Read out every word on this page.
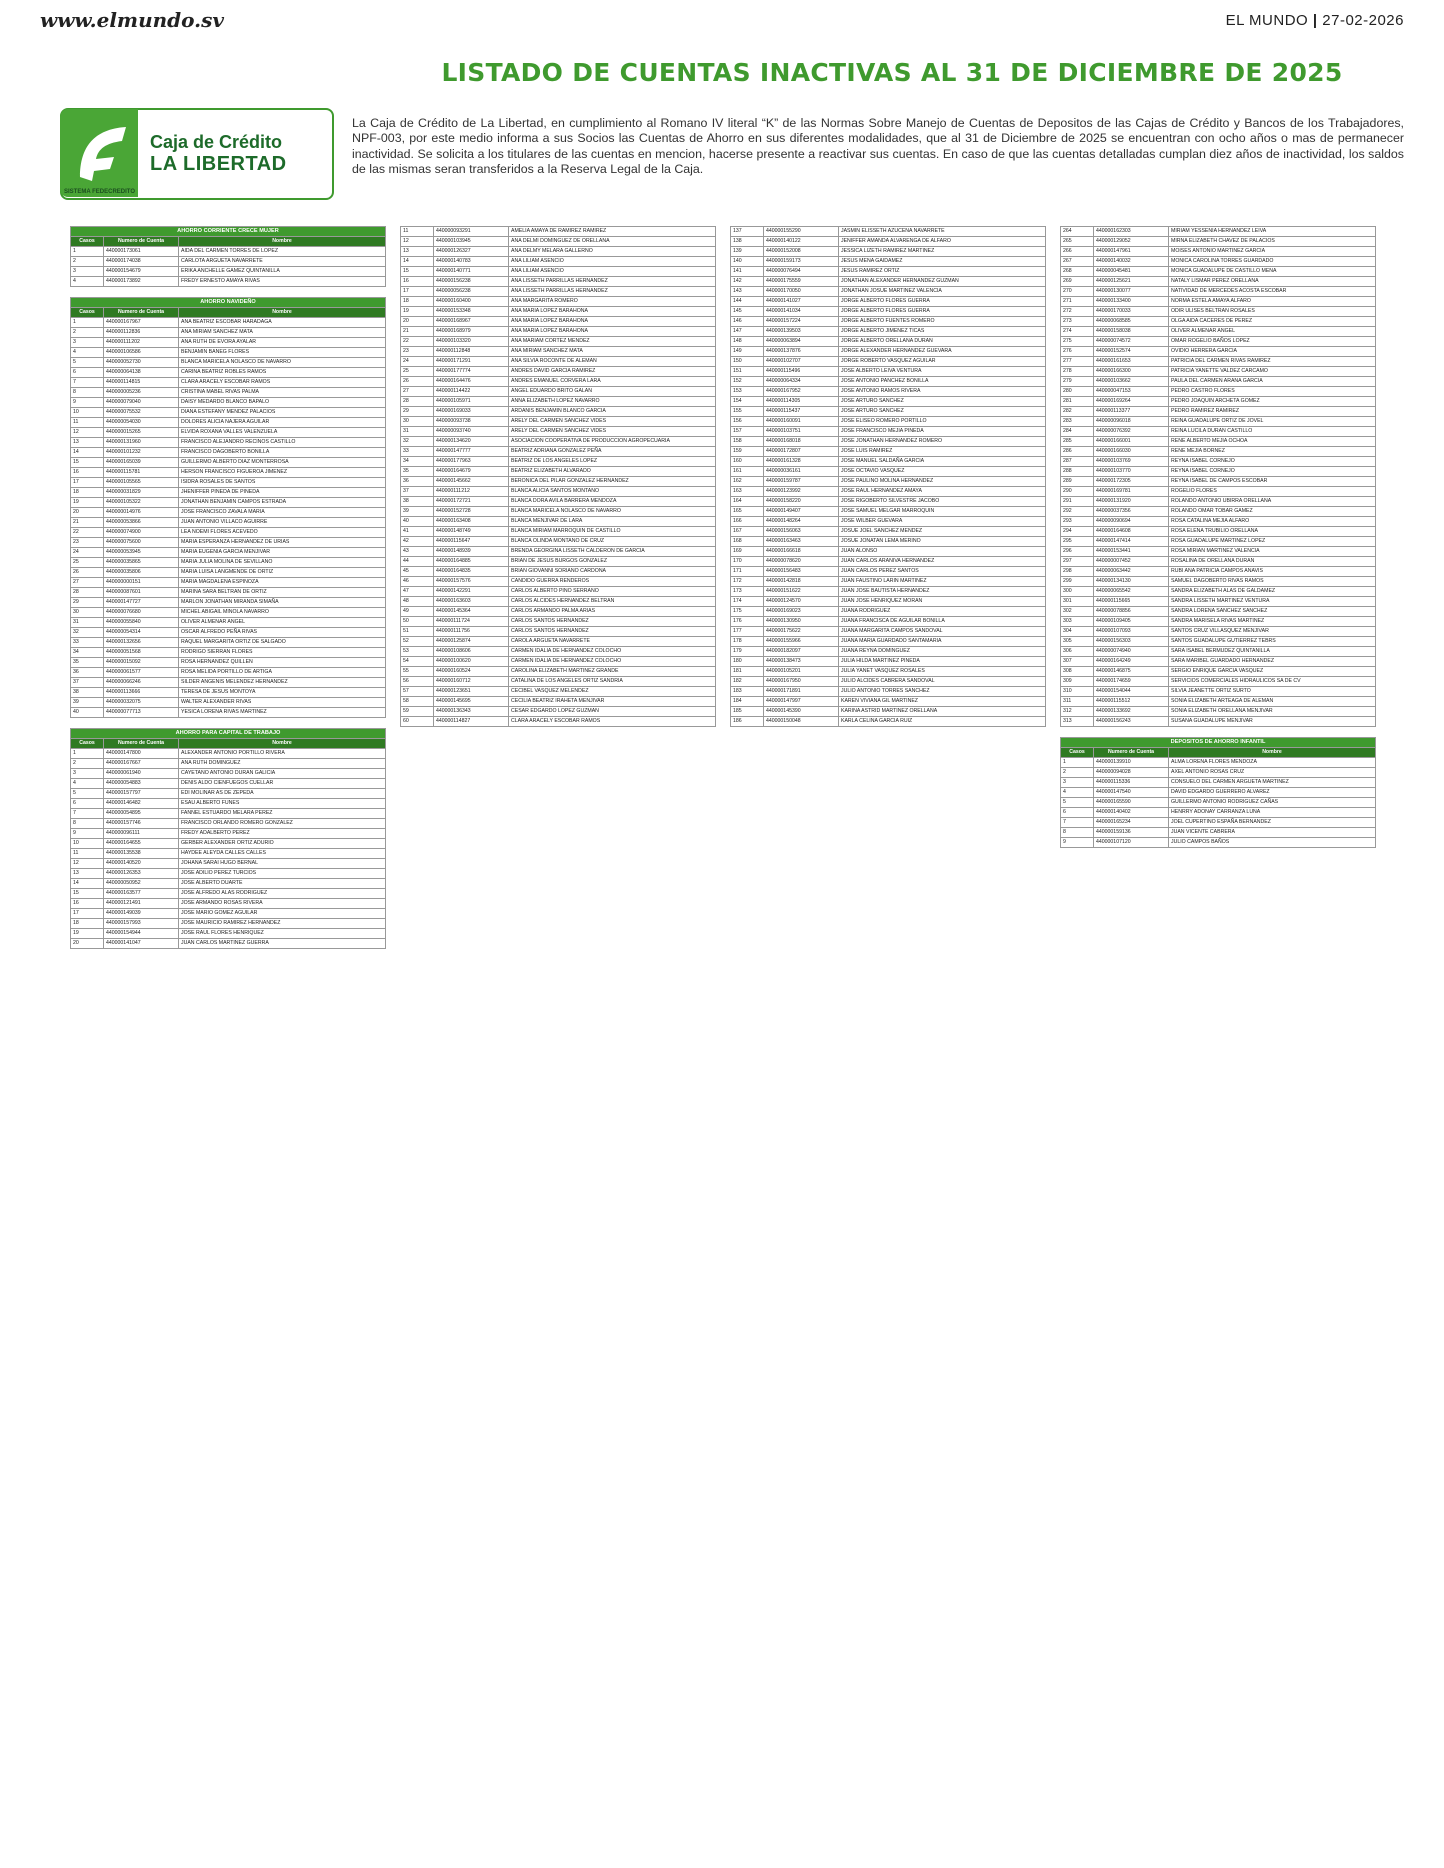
www.elmundo.sv	EL MUNDO | 27-02-2026
LISTADO DE CUENTAS INACTIVAS AL 31 DE DICIEMBRE DE 2025
SISTEMA FEDECREDITO
Caja de Crédito
LA LIBERTAD
La Caja de Crédito de La Libertad, en cumplimiento al Romano IV literal “K” de las Normas Sobre Manejo de Cuentas de Depositos de las Cajas de Crédito y Bancos de los Trabajadores, NPF-003, por este medio informa a sus Socios las Cuentas de Ahorro en sus diferentes modalidades, que al 31 de Diciembre de 2025 se encuentran con ocho años o mas de permanecer inactividad. Se solicita a los titulares de las cuentas en mencion, hacerse presente a reactivar sus cuentas. En caso de que las cuentas detalladas cumplan diez años de inactividad, los saldos de las mismas seran transferidos a la Reserva Legal de la Caja.
AHORRO CORRIENTE CRECE MUJER		
Casos	Numero de Cuenta	Nombre
1	440000173061	AIDA DEL CARMEN TORRES DE LOPEZ
2	440000174038	CARLOTA ARGUETA NAVARRETE
3	440000154679	ERIKA ANCHELLE GAMEZ QUINTANILLA
4	440000173892	FREDY ERNESTO AMAYA RIVAS

AHORRO NAVIDEÑO		
Casos	Numero de Cuenta	Nombre
1	440000167967	ANA BEATRIZ ESCOBAR HARADAGA
2	440000112836	ANA MIRIAM SANCHEZ MATA
3	440000111202	ANA RUTH DE EVORA AYALAR
4	440000106586	BENJAMIN BANEG FLORES
5	440000052730	BLANCA MARICELA NOLASCO DE NAVARRO
6	440000064138	CARINA BEATRIZ ROBLES RAMOS
7	440000114815	CLARA ARACELY ESCOBAR RAMOS
8	440000005236	CRISTINA MABEL RIVAS PALMA
9	440000079040	DAISY MEDARDO BLANCO BAPALO
10	440000075532	DIANA ESTEFANY MENDEZ PALACIOS
11	440000054030	DOLORES ALICIA NAJERA AGUILAR
12	440000015265	ELVIDA ROXANA VALLES VALENZUELA
13	440000131960	FRANCISCO ALEJANDRO RECINOS CASTILLO
14	440000101232	FRANCISCO DAGOBERTO BONILLA
15	440000165039	GUILLERMO ALBERTO DIAZ MONTERROSA
16	440000115781	HERSON FRANCISCO FIGUEROA JIMENEZ
17	440000105565	ISIDRA ROSALES DE SANTOS
18	440000031829	JHENIFFER PINEDA DE PINEDA
19	440000105322	JONATHAN BENJAMIN CAMPOS ESTRADA
20	440000014976	JOSE FRANCISCO ZAVALA MARIA
21	440000053866	JUAN ANTONIO VILLACO AGUIRRE
22	440000074900	LEA NOEMI FLORES ACEVEDO
23	440000075600	MARIA ESPERANZA HERNANDEZ DE URIAS
24	440000053945	MARIA EUGENIA GARCIA MENJIVAR
25	440000035865	MARIA JULIA MOLINA DE SEVILLANO
26	440000035806	MARIA LUISA LANGMENDE DE ORTIZ
27	440000000151	MARIA MAGDALENA ESPINOZA
28	440000087601	MARINA SARA BELTRAN DE ORTIZ
29	440000147727	MARLON JONATHAN MIRANDA SIMAÑA
30	440000076680	MICHEL ABIGAIL MINOLA NAVARRO
31	440000055840	OLIVER ALMENAR ANGEL
32	440000054314	OSCAR ALFREDO PEÑA RIVAS
33	440000132656	RAQUEL MARGARITA ORTIZ DE SALGADO
34	440000051568	RODRIGO SIERRAN FLORES
35	440000015092	ROSA HERNANDEZ QUILLEN
36	440000061577	ROSA MELIDA PORTILLO DE ARTIGA
37	440000066246	SILDER ANGENIS MELENDEZ HERNANDEZ
38	440000113666	TERESA DE JESUS MONTOYA
39	440000032075	WALTER ALEXANDER RIVAS
40	440000077713	YESICA LORENA RIVAS MARTINEZ

AHORRO PARA CAPITAL DE TRABAJO		
Casos	Numero de Cuenta	Nombre
1	440000147800	ALEXANDER ANTONIO PORTILLO RIVERA
2	440000167667	ANA RUTH DOMINGUEZ
3	440000061940	CAYETANO ANTONIO DURAN GALICIA
4	440000054883	DENIS ALDO CIENFUEGOS CUELLAR
5	440000157797	EDI MOLINAR AS DE ZEPEDA
6	440000146482	ESAU ALBERTO FUNES
7	440000054895	FANNEL ESTUARDO MELARA PEREZ
8	440000157746	FRANCISCO ORLANDO ROMERO GONZALEZ
9	440000096111	FREDY ADALBERTO PEREZ
10	440000164655	GERBER ALEXANDER ORTIZ ADURIO
11	440000135538	HAYDEE ALEYDA CALLES CALLES
12	440000140520	JOHANA SARAI HUGO BERNAL
13	440000126353	JOSE ADILIO PEREZ TURCIOS
14	440000050952	JOSE ALBERTO DUARTE
15	440000163577	JOSE ALFREDO ALAS RODRIGUEZ
16	440000121491	JOSE ARMANDO ROSAS RIVERA
17	440000149039	JOSE MARIO GOMEZ AGUILAR
18	440000157993	JOSE MAURICIO RAMIREZ HERNANDEZ
19	440000154944	JOSE RAUL FLORES HENRIQUEZ
20	440000141047	JUAN CARLOS MARTINEZ GUERRA
11	440000093291	AMELIA AMAYA DE RAMIREZ RAMIREZ
12	440000103945	ANA DELMI DOMINGUEZ DE ORELLANA
13	440000126327	ANA DELMY MELARA GALLERNO
14	440000140783	ANA LILIAM ASENCIO
15	440000140771	ANA LILIAM ASENCIO
16	440000156238	ANA LISSETH PARRILLAS HERNANDEZ
17	440000056238	ANA LISSETH PARRILLAS HERNANDEZ
18	440000160400	ANA MARGARITA ROMERO
19	440000153348	ANA MARIA LOPEZ BARAHONA
20	440000168967	ANA MARIA LOPEZ BARAHONA
21	440000168979	ANA MARIA LOPEZ BARAHONA
22	440000103320	ANA MARIAM CORTEZ MENDEZ
23	440000112848	ANA MIRIAM SANCHEZ MATA
24	440000171291	ANA SILVIA ROCONTE DE ALEMAN
25	440000177774	ANDRES DAVID GARCIA RAMIREZ
26	440000164476	ANDRES EMANUEL CORVERA LARA
27	440000114422	ANGEL EDUARDO BRITO GALAN
28	440000105971	ANNA ELIZABETH LOPEZ NAVARRO
29	440000169033	ARDANIS BENJAMIN BLANCO GARCIA
30	440000093738	ARELY DEL CARMEN SANCHEZ VIDES
31	440000093740	ARELY DEL CARMEN SANCHEZ VIDES
32	440000134620	ASOCIACION COOPERATIVA DE PRODUCCION AGROPECUARIA
33	440000147777	BEATRIZ ADRIANA GONZALEZ PEÑA
34	440000177963	BEATRIZ DE LOS ANGELES LOPEZ
35	440000164679	BEATRIZ ELIZABETH ALVARADO
36	440000145662	BERONICA DEL PILAR GONZALEZ HERNANDEZ
37	440000111212	BLANCA ALICIA SANTOS MONTANO
38	440000172721	BLANCA DORA AVILA BARRERA MENDOZA
39	440000152728	BLANCA MARICELA NOLASCO DE NAVARRO
40	440000163408	BLANCA MENJIVAR DE LARA
41	440000148749	BLANCA MIRIAM MARROQUIN DE CASTILLO
42	440000115647	BLANCA OLINDA MONTANO DE CRUZ
43	440000148939	BRENDA GEORGINA LISSETH CALDERON DE GARCIA
44	440000164885	BRIAN DE JESUS BURGOS GONZALEZ
45	440000164835	BRIAN GIOVANNI SORIANO CARDONA
46	440000157576	CANDIDO GUERRA RENDEROS
47	440000142291	CARLOS ALBERTO PINO SERRANO
48	440000163603	CARLOS ALCIDES HERNANDEZ BELTRAN
49	440000145364	CARLOS ARMANDO PALMA ARIAS
50	440000111724	CARLOS SANTOS HERNANDEZ
51	440000111756	CARLOS SANTOS HERNANDEZ
52	440000125874	CAROLA ARGUETA NAVARRETE
53	440000108606	CARMEN IDALIA DE HERNANDEZ COLOCHO
54	440000100620	CARMEN IDALIA DE HERNANDEZ COLOCHO
55	440000160524	CAROLINA ELIZABETH MARTINEZ GRANDE
56	440000160712	CATALINA DE LOS ANGELES ORTIZ SANDRIA
57	440000123651	CECIBEL VASQUEZ MELENDEZ
58	440000145695	CECILIA BEATRIZ IRAHETA MENJIVAR
59	440000136343	CESAR EDGARDO LOPEZ GUZMAN
60	440000114827	CLARA ARACELY ESCOBAR RAMOS
137	440000155290	JASMIN ELISSETH AZUCENA NAVARRETE
138	440000140122	JENIFFER AMANDA ALVARENGA DE ALFARO
139	440000152008	JESSICA LIZETH RAMIREZ MARTINEZ
140	440000159173	JESUS MENA GAIDAMEZ
141	440000076494	JESUS RAMIREZ ORTIZ
142	440000175559	JONATHAN ALEXANDER HERNANDEZ GUZMAN
143	440000170050	JONATHAN JOSUE MARTINEZ VALENCIA
144	440000141027	JORGE ALBERTO FLORES GUERRA
145	440000141034	JORGE ALBERTO FLORES GUERRA
146	440000157224	JORGE ALBERTO FUENTES ROMERO
147	440000139503	JORGE ALBERTO JIMENEZ TICAS
148	440000063894	JORGE ALBERTO ORELLANA DURAN
149	440000137876	JORGE ALEXANDER HERNANDEZ GUEVARA
150	440000102707	JORGE ROBERTO VASQUEZ AGUILAR
151	440000115496	JOSE ALBERTO LEIVA VENTURA
152	440000064334	JOSE ANTONIO PANCHEZ BONILLA
153	440000167952	JOSE ANTONIO RAMOS RIVERA
154	440000114305	JOSE ARTURO SANCHEZ
155	440000115437	JOSE ARTURO SANCHEZ
156	440000160091	JOSE ELISEO ROMERO PORTILLO
157	440000103751	JOSE FRANCISCO MEJIA PINEDA
158	440000168018	JOSE JONATHAN HERNANDEZ ROMERO
159	440000172807	JOSE LUIS RAMIREZ
160	440000161328	JOSE MANUEL SALDAÑA GARCIA
161	440000036161	JOSE OCTAVIO VASQUEZ
162	440000159787	JOSE PAULINO MOLINA HERNANDEZ
163	440000123992	JOSE RAUL HERNANDEZ AMAYA
164	440000158220	JOSE RIGOBERTO SILVESTRE JACOBO
165	440000149407	JOSE SAMUEL MELGAR MARROQUIN
166	440000148264	JOSE WILBER GUEVARA
167	440000156063	JOSUE JOEL SANCHEZ MENDEZ
168	440000163463	JOSUE JONATAN LEMA MERINO
169	440000166618	JUAN ALONSO
170	440000078620	JUAN CARLOS ARANIVA HERNANDEZ
171	440000156483	JUAN CARLOS PEREZ SANTOS
172	440000142818	JUAN FAUSTINO LARIN MARTINEZ
173	440000151622	JUAN JOSE BAUTISTA HERNANDEZ
174	440000124570	JUAN JOSE HENRIQUEZ MORAN
175	440000169023	JUANA RODRIGUEZ
176	440000130950	JUANA FRANCISCA DE AGUILAR BONILLA
177	440000175622	JUANA MARGARITA CAMPOS SANDOVAL
178	440000155966	JUANA MARIA GUARDADO SANTAMARIA
179	440000182097	JUANA REYNA DOMINGUEZ
180	440000138473	JULIA HILDA MARTINEZ PINEDA
181	440000105201	JULIA YANET VASQUEZ ROSALES
182	440000167950	JULIO ALCIDES CABRERA SANDOVAL
183	440000171891	JULIO ANTONIO TORRES SANCHEZ
184	440000147997	KAREN VIVIANA GIL MARTINEZ
185	440000145390	KARINA ASTRID MARTINEZ ORELLANA
186	440000150048	KARLA CELINA GARCIA RUIZ
264	440000162303	MIRIAM YESSENIA HERNANDEZ LEIVA
265	440000129052	MIRNA ELIZABETH CHAVEZ DE PALACIOS
266	440000147961	MOISES ANTONIO MARTINEZ GARCIA
267	440000140032	MONICA CAROLINA TORRES GUARDADO
268	440000045481	MONICA GUADALUPE DE CASTILLO MENA
269	440000125621	NATALY LISMAR PEREZ ORELLANA
270	440000130077	NATIVIDAD DE MERCEDES ACOSTA ESCOBAR
271	440000133400	NORMA ESTELA AMAYA ALFARO
272	440000170033	ODIR ULISES BELTRAN ROSALES
273	440000068585	OLGA AIDA CACERES DE PEREZ
274	440000158038	OLIVER ALMENAR ANGEL
275	440000074572	OMAR ROGELIO BAÑOS LOPEZ
276	440000152574	OVIDIO HERRERA GARCIA
277	440000161653	PATRICIA DEL CARMEN RIVAS RAMIREZ
278	440000166300	PATRICIA YANETTE VALDEZ CARCAMO
279	440000103662	PAULA DEL CARMEN ARANA GARCIA
280	440000047153	PEDRO CASTRO FLORES
281	440000169264	PEDRO JOAQUIN ARCHETA GOMEZ
282	440000113377	PEDRO RAMIREZ RAMIREZ
283	440000096018	REINA GUADALUPE ORTIZ DE JOVEL
284	440000076392	REINA LUCILA DURAN CASTILLO
285	440000166001	RENE ALBERTO MEJIA OCHOA
286	440000166030	RENE MEJIA BORNEZ
287	440000103769	REYNA ISABEL CORNEJO
288	440000103770	REYNA ISABEL CORNEJO
289	440000172305	REYNA ISABEL DE CAMPOS ESCOBAR
290	440000169781	ROGELIO FLORES
291	440000131920	ROLANDO ANTONIO UBIRRA ORELLANA
292	440000037356	ROLANDO OMAR TOBAR GAMEZ
293	440000090694	ROSA CATALINA MEJIA ALFARO
294	440000164608	ROSA ELENA TRUBILIO ORELLANA
295	440000147414	ROSA GUADALUPE MARTINEZ LOPEZ
296	440000153441	ROSA MIRIAN MARTINEZ VALENCIA
297	440000007452	ROSALINA DE ORELLANA DURAN
298	440000063442	RUBI ANA PATRICIA CAMPOS ANAVIS
299	440000134130	SAMUEL DAGOBERTO RIVAS RAMOS
300	440000065542	SANDRA ELIZABETH ALAS DE GALDAMEZ
301	440000115665	SANDRA LISSETH MARTINEZ VENTURA
302	440000078856	SANDRA LORENA SANCHEZ SANCHEZ
303	440000109405	SANDRA MARISELA RIVAS MARTINEZ
304	440000107093	SANTOS CRUZ VILLASQUEZ MENJIVAR
305	440000156303	SANTOS GUADALUPE GUTIERREZ TEBRS
306	440000074940	SARA ISABEL BERMUDEZ QUINTANILLA
307	440000164249	SARA MARIBEL GUARDADO HERNANDEZ
308	440000146875	SERGIO ENRIQUE GARCIA VASQUEZ
309	440000174659	SERVICIOS COMERCIALES HIDRAULICOS SA DE CV
310	440000154044	SILVIA JEANETTE ORTIZ SURTO
311	440000115512	SONIA ELIZABETH ARTEAGA DE ALEMAN
312	440000133692	SONIA ELIZABETH ORELLANA MENJIVAR
313	440000156243	SUSANA GUADALUPE MENJIVAR

DEPOSITOS DE AHORRO INFANTIL		
Casos	Numero de Cuenta	Nombre
1	440000139910	ALMA LORENA FLORES MENDOZA
2	440000094028	AXEL ANTONIO ROSAS CRUZ
3	440000115336	CONSUELO DEL CARMEN ARGUETA MARTINEZ
4	440000147540	DAVID EDGARDO GUERRERO ALVAREZ
5	440000165590	GUILLERMO ANTONIO RODRIGUEZ CAÑAS
6	440000140402	HENRRY ADONAY CARRANZA LUNA
7	440000165234	JOEL CUPERTINO ESPAÑA BERNANDEZ
8	440000159136	JUAN VICENTE CABRERA
9	440000107120	JULIO CAMPOS BAÑOS
